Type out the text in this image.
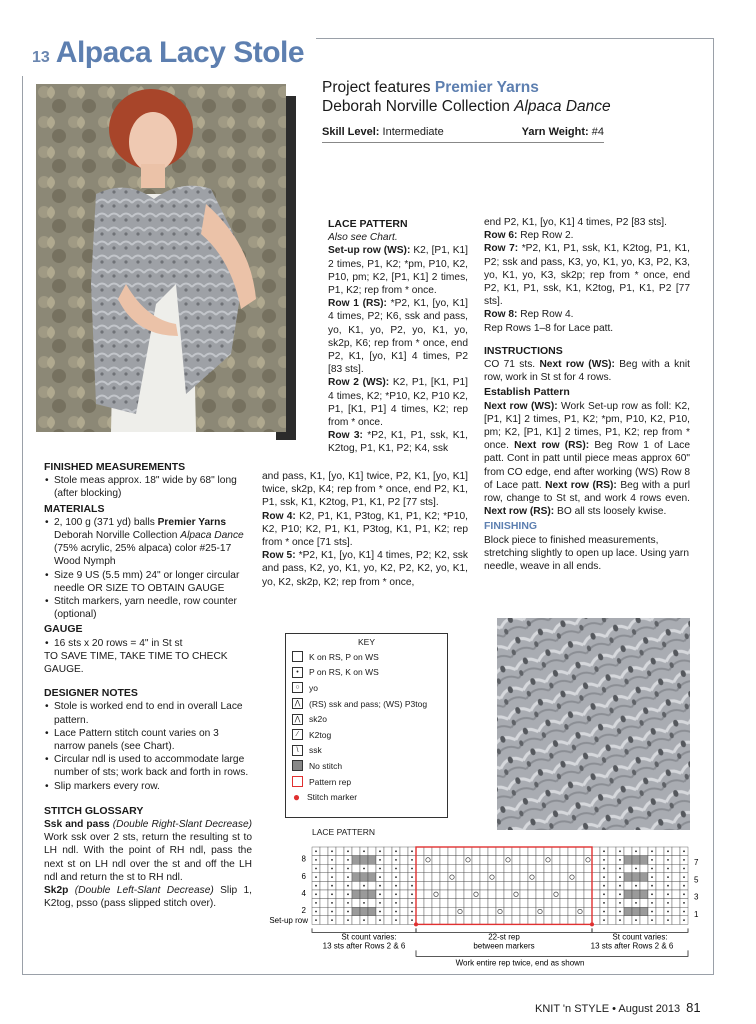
13 Alpaca Lacy Stole
Project features Premier Yarns
Deborah Norville Collection Alpaca Dance
Skill Level: Intermediate	Yarn Weight: #4
FINISHED MEASUREMENTS
• Stole meas approx. 18" wide by 68" long (after blocking)
MATERIALS
• 2, 100 g (371 yd) balls Premier Yarns Deborah Norville Collection Alpaca Dance (75% acrylic, 25% alpaca) color #25-17 Wood Nymph
• Size 9 US (5.5 mm) 24" or longer circular needle OR SIZE TO OBTAIN GAUGE
• Stitch markers, yarn needle, row counter (optional)
GAUGE
• 16 sts x 20 rows = 4" in St st
TO SAVE TIME, TAKE TIME TO CHECK GAUGE.
DESIGNER NOTES
• Stole is worked end to end in overall Lace pattern.
• Lace Pattern stitch count varies on 3 narrow panels (see Chart).
• Circular ndl is used to accommodate large number of sts; work back and forth in rows.
• Slip markers every row.
STITCH GLOSSARY
Ssk and pass (Double Right-Slant Decrease) Work ssk over 2 sts, return the resulting st to LH ndl. With the point of RH ndl, pass the next st on LH ndl over the st and off the LH ndl and return the st to RH ndl.
Sk2p (Double Left-Slant Decrease) Slip 1, K2tog, psso (pass slipped stitch over).
LACE PATTERN
Also see Chart.
Set-up row (WS): K2, [P1, K1] 2 times, P1, K2; *pm, P10, K2, P10, pm; K2, [P1, K1] 2 times, P1, K2; rep from * once.
Row 1 (RS): *P2, K1, [yo, K1] 4 times, P2; K6, ssk and pass, yo, K1, yo, P2, yo, K1, yo, sk2p, K6; rep from * once, end P2, K1, [yo, K1] 4 times, P2 [83 sts].
Row 2 (WS): K2, P1, [K1, P1] 4 times, K2; *P10, K2, P10 K2, P1, [K1, P1] 4 times, K2; rep from * once.
Row 3: *P2, K1, P1, ssk, K1, K2tog, P1, K1, P2; K4, ssk
and pass, K1, [yo, K1] twice, P2, K1, [yo, K1] twice, sk2p, K4; rep from * once, end P2, K1, P1, ssk, K1, K2tog, P1, K1, P2 [77 sts].
Row 4: K2, P1, K1, P3tog, K1, P1, K2; *P10, K2, P10; K2, P1, K1, P3tog, K1, P1, K2; rep from * once [71 sts].
Row 5: *P2, K1, [yo, K1] 4 times, P2; K2, ssk and pass, K2, yo, K1, yo, K2, P2, K2, yo, K1, yo, K2, sk2p, K2; rep from * once,
end P2, K1, [yo, K1] 4 times, P2 [83 sts].
Row 6: Rep Row 2.
Row 7: *P2, K1, P1, ssk, K1, K2tog, P1, K1, P2; ssk and pass, K3, yo, K1, yo, K3, P2, K3, yo, K1, yo, K3, sk2p; rep from * once, end P2, K1, P1, ssk, K1, K2tog, P1, K1, P2 [77 sts].
Row 8: Rep Row 4.
Rep Rows 1–8 for Lace patt.
INSTRUCTIONS
CO 71 sts. Next row (WS): Beg with a knit row, work in St st for 4 rows.
Establish Pattern
Next row (WS): Work Set-up row as foll: K2, [P1, K1] 2 times, P1, K2; *pm, P10, K2, P10, pm; K2, [P1, K1] 2 times, P1, K2; rep from * once. Next row (RS): Beg Row 1 of Lace patt. Cont in patt until piece meas approx 60" from CO edge, end after working (WS) Row 8 of Lace patt. Next row (RS): Beg with a purl row, change to St st, and work 4 rows even. Next row (RS): BO all sts loosely kwise.
FINISHING
Block piece to finished measurements, stretching slightly to open up lace. Using yarn needle, weave in all ends.
KEY
K on RS, P on WS
•	P on RS, K on WS
○	yo
⋀	(RS) ssk and pass; (WS) P3tog
⋀	sk2o
⁄	K2tog
\	ssk
No stitch
Pattern rep
● Stitch marker
LACE PATTERN
8
6
4
2
Set-up row
7
5
3
1
St count varies:
13 sts after Rows 2 & 6
22-st rep
between markers
St count varies:
13 sts after Rows 2 & 6
Work entire rep twice, end as shown
KNIT 'n STYLE • August 2013 81
